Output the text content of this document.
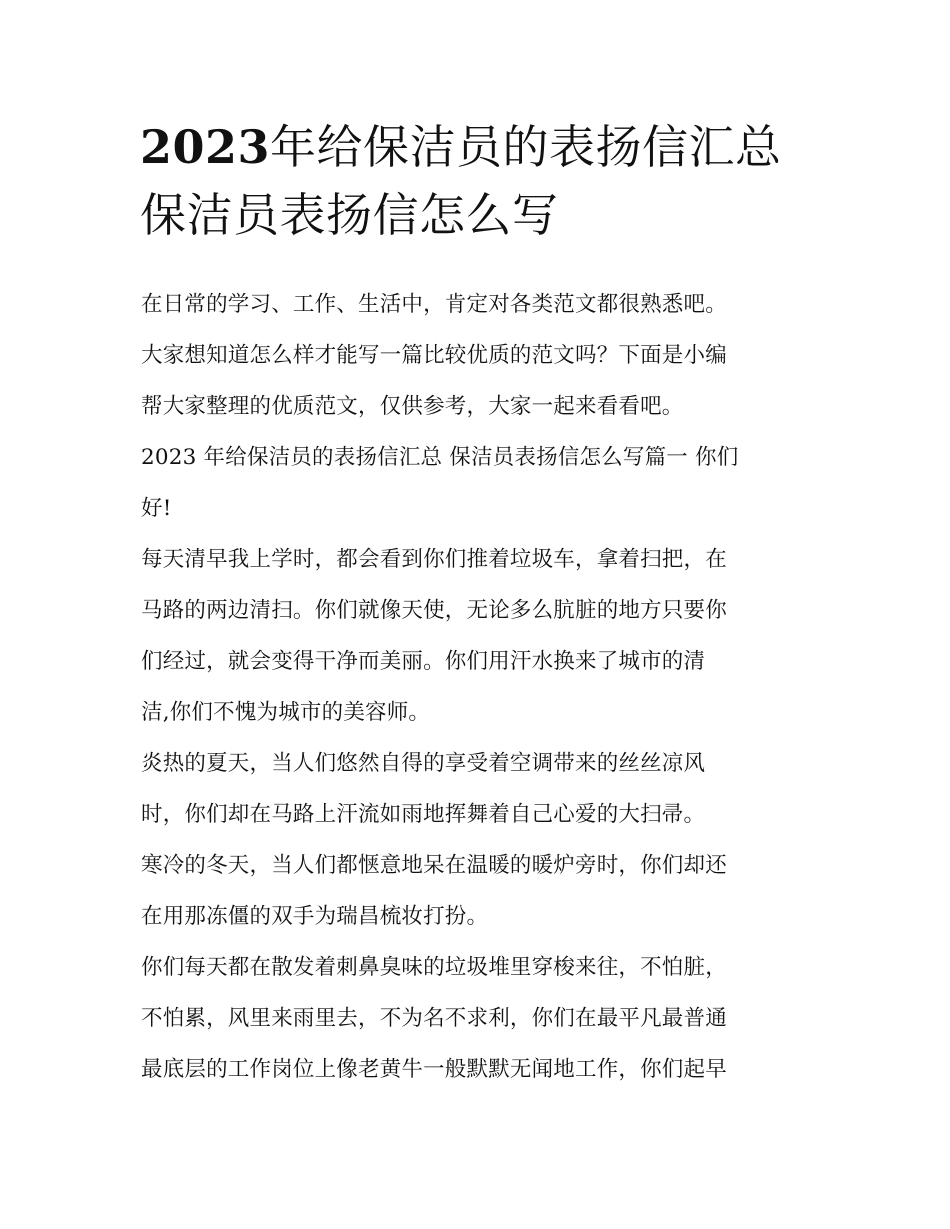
2023年给保洁员的表扬信汇总
保洁员表扬信怎么写
在日常的学习、工作、生活中，肯定对各类范文都很熟悉吧。
大家想知道怎么样才能写一篇比较优质的范文吗？下面是小编
帮大家整理的优质范文，仅供参考，大家一起来看看吧。
2023 年给保洁员的表扬信汇总 保洁员表扬信怎么写篇一 你们
好!
每天清早我上学时，都会看到你们推着垃圾车，拿着扫把，在
马路的两边清扫。你们就像天使，无论多么肮脏的地方只要你
们经过，就会变得干净而美丽。你们用汗水换来了城市的清
洁,你们不愧为城市的美容师。
炎热的夏天，当人们悠然自得的享受着空调带来的丝丝凉风
时，你们却在马路上汗流如雨地挥舞着自己心爱的大扫帚。
寒冷的冬天，当人们都惬意地呆在温暖的暖炉旁时，你们却还
在用那冻僵的双手为瑞昌梳妆打扮。
你们每天都在散发着刺鼻臭味的垃圾堆里穿梭来往，不怕脏，
不怕累，风里来雨里去，不为名不求利，你们在最平凡最普通
最底层的工作岗位上像老黄牛一般默默无闻地工作，你们起早
